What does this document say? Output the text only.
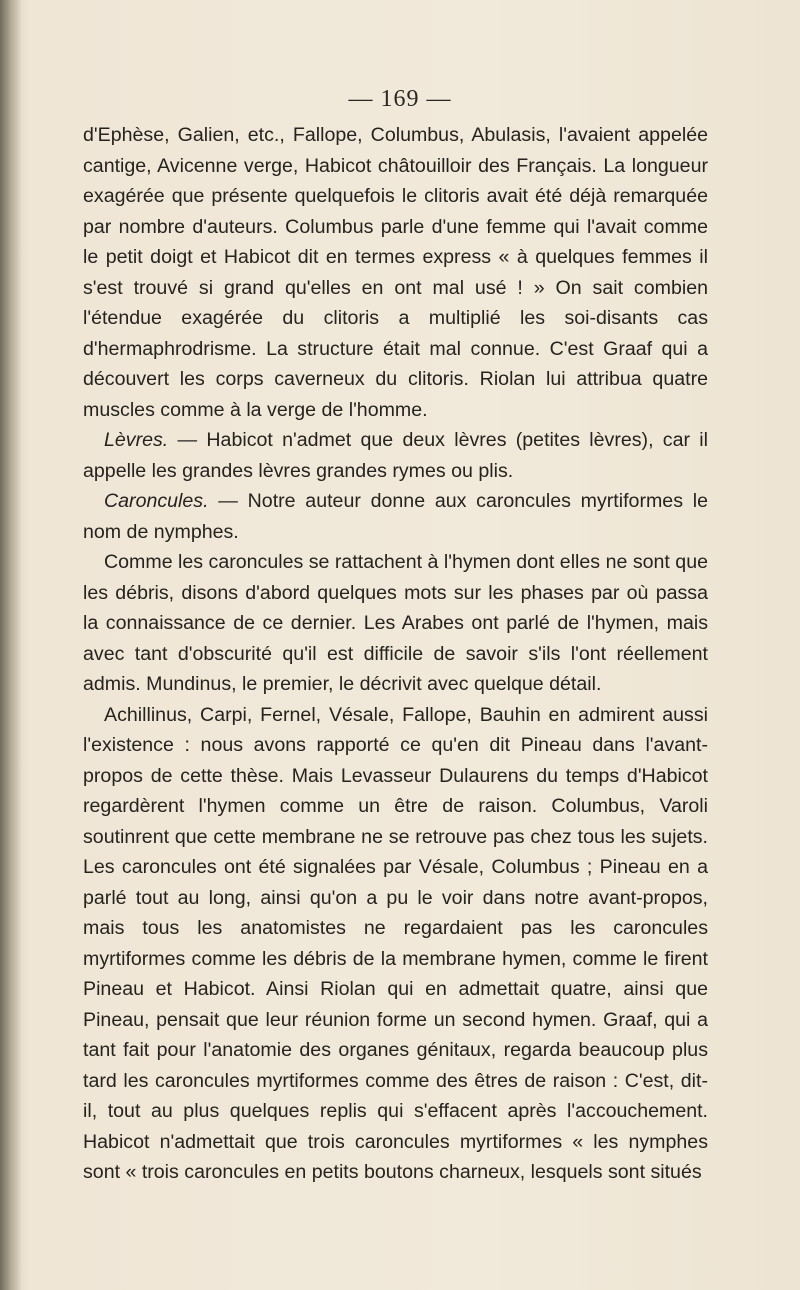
— 169 —

d'Ephèse, Galien, etc., Fallope, Columbus, Abulasis, l'avaient appelée cantige, Avicenne verge, Habicot châtouilloir des Français. La longueur exagérée que présente quelquefois le clitoris avait été déjà remarquée par nombre d'auteurs. Columbus parle d'une femme qui l'avait comme le petit doigt et Habicot dit en termes express « à quelques femmes il s'est trouvé si grand qu'elles en ont mal usé ! » On sait combien l'étendue exagérée du clitoris a multiplié les soi-disants cas d'hermaphrodrisme. La structure était mal connue. C'est Graaf qui a découvert les corps caverneux du clitoris. Riolan lui attribua quatre muscles comme à la verge de l'homme.

Lèvres. — Habicot n'admet que deux lèvres (petites lèvres), car il appelle les grandes lèvres grandes rymes ou plis.

Caroncules. — Notre auteur donne aux caroncules myrtiformes le nom de nymphes.

Comme les caroncules se rattachent à l'hymen dont elles ne sont que les débris, disons d'abord quelques mots sur les phases par où passa la connaissance de ce dernier. Les Arabes ont parlé de l'hymen, mais avec tant d'obscurité qu'il est difficile de savoir s'ils l'ont réellement admis. Mundinus, le premier, le décrivit avec quelque détail.

Achillinus, Carpi, Fernel, Vésale, Fallope, Bauhin en admirent aussi l'existence : nous avons rapporté ce qu'en dit Pineau dans l'avant-propos de cette thèse. Mais Levasseur Dulaurens du temps d'Habicot regardèrent l'hymen comme un être de raison. Columbus, Varoli soutinrent que cette membrane ne se retrouve pas chez tous les sujets. Les caroncules ont été signalées par Vésale, Columbus ; Pineau en a parlé tout au long, ainsi qu'on a pu le voir dans notre avant-propos, mais tous les anatomistes ne regardaient pas les caroncules myrtiformes comme les débris de la membrane hymen, comme le firent Pineau et Habicot. Ainsi Riolan qui en admettait quatre, ainsi que Pineau, pensait que leur réunion forme un second hymen. Graaf, qui a tant fait pour l'anatomie des organes génitaux, regarda beaucoup plus tard les caroncules myrtiformes comme des êtres de raison : C'est, dit-il, tout au plus quelques replis qui s'effacent après l'accouchement. Habicot n'admettait que trois caroncules myrtiformes « les nymphes sont « trois caroncules en petits boutons charneux, lesquels sont situés
